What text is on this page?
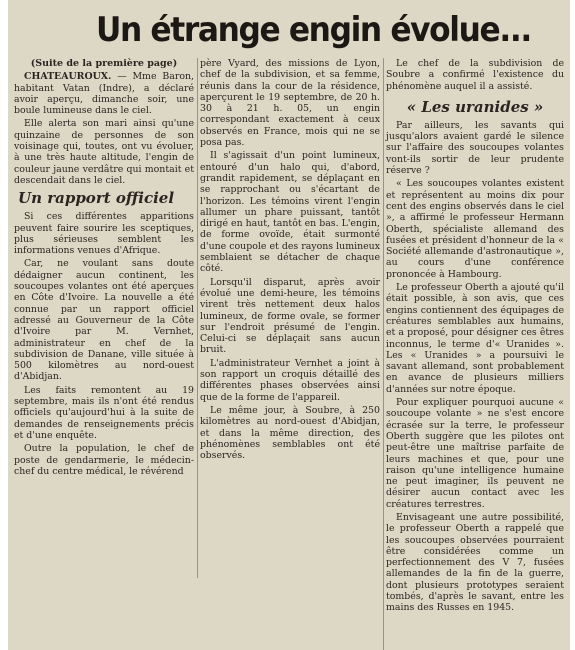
Un étrange engin évolue...

(Suite de la première page)

CHATEAUROUX. — Mme Baron, habitant Vatan (Indre), a déclaré avoir aperçu, dimanche soir, une boule lumineuse dans le ciel.

Elle alerta son mari ainsi qu'une quinzaine de personnes de son voisinage qui, toutes, ont vu évoluer, à une très haute altitude, l'engin de couleur jaune verdâtre qui montait et descendait dans le ciel.

Un rapport officiel

Si ces différentes apparitions peuvent faire sourire les sceptiques, plus sérieuses semblent les informations venues d'Afrique.

Car, ne voulant sans doute dédaigner aucun continent, les soucoupes volantes ont été aperçues en Côte d'Ivoire. La nouvelle a été connue par un rapport officiel adressé au Gouverneur de la Côte d'Ivoire par M. Vernhet, administrateur en chef de la subdivision de Danane, ville située à 500 kilomètres au nord-ouest d'Abidjan.

Les faits remontent au 19 septembre, mais ils n'ont été rendus officiels qu'aujourd'hui à la suite de demandes de renseignements précis et d'une enquête.

Outre la population, le chef de poste de gendarmerie, le médecin-chef du centre médical, le révérend

père Vyard, des missions de Lyon, chef de la subdivision, et sa femme, réunis dans la cour de la résidence, aperçurent le 19 septembre, de 20 h. 30 à 21 h. 05, un engin correspondant exactement à ceux observés en France, mois qui ne se posa pas.

Il s'agissait d'un point lumineux, entouré d'un halo qui, d'abord, grandit rapidement, se déplaçant en se rapprochant ou s'écartant de l'horizon. Les témoins virent l'engin allumer un phare puissant, tantôt dirigé en haut, tantôt en bas. L'engin, de forme ovoïde, était surmonté d'une coupole et des rayons lumineux semblaient se détacher de chaque côté.

Lorsqu'il disparut, après avoir évolué une demi-heure, les témoins virent très nettement deux halos lumineux, de forme ovale, se former sur l'endroit présumé de l'engin. Celui-ci se déplaçait sans aucun bruit.

L'administrateur Vernhet a joint à son rapport un croquis détaillé des différentes phases observées ainsi que de la forme de l'appareil.

Le même jour, à Soubre, à 250 kilomètres au nord-ouest d'Abidjan, et dans la même direction, des phénomènes semblables ont été observés.

Le chef de la subdivision de Soubre a confirmé l'existence du phénomène auquel il a assisté.

« Les uranides »

Par ailleurs, les savants qui jusqu'alors avaient gardé le silence sur l'affaire des soucoupes volantes vont-ils sortir de leur prudente réserve ?

« Les soucoupes volantes existent et représentent au moins dix pour cent des engins observés dans le ciel », a affirmé le professeur Hermann Oberth, spécialiste allemand des fusées et président d'honneur de la « Société allemande d'astronautique », au cours d'une conférence prononcée à Hambourg.

Le professeur Oberth a ajouté qu'il était possible, à son avis, que ces engins contiennent des équipages de créatures semblables aux humains, et a proposé, pour désigner ces êtres inconnus, le terme d'« Uranides ». Les « Uranides » a poursuivi le savant allemand, sont probablement en avance de plusieurs milliers d'années sur notre époque.

Pour expliquer pourquoi aucune « soucoupe volante » ne s'est encore écrasée sur la terre, le professeur Oberth suggère que les pilotes ont peut-être une maîtrise parfaite de leurs machines et que, pour une raison qu'une intelligence humaine ne peut imaginer, ils peuvent ne désirer aucun contact avec les créatures terrestres.

Envisageant une autre possibilité, le professeur Oberth a rappelé que les soucoupes observées pourraient être considérées comme un perfectionnement des V 7, fusées allemandes de la fin de la guerre, dont plusieurs prototypes seraient tombés, d'après le savant, entre les mains des Russes en 1945.
